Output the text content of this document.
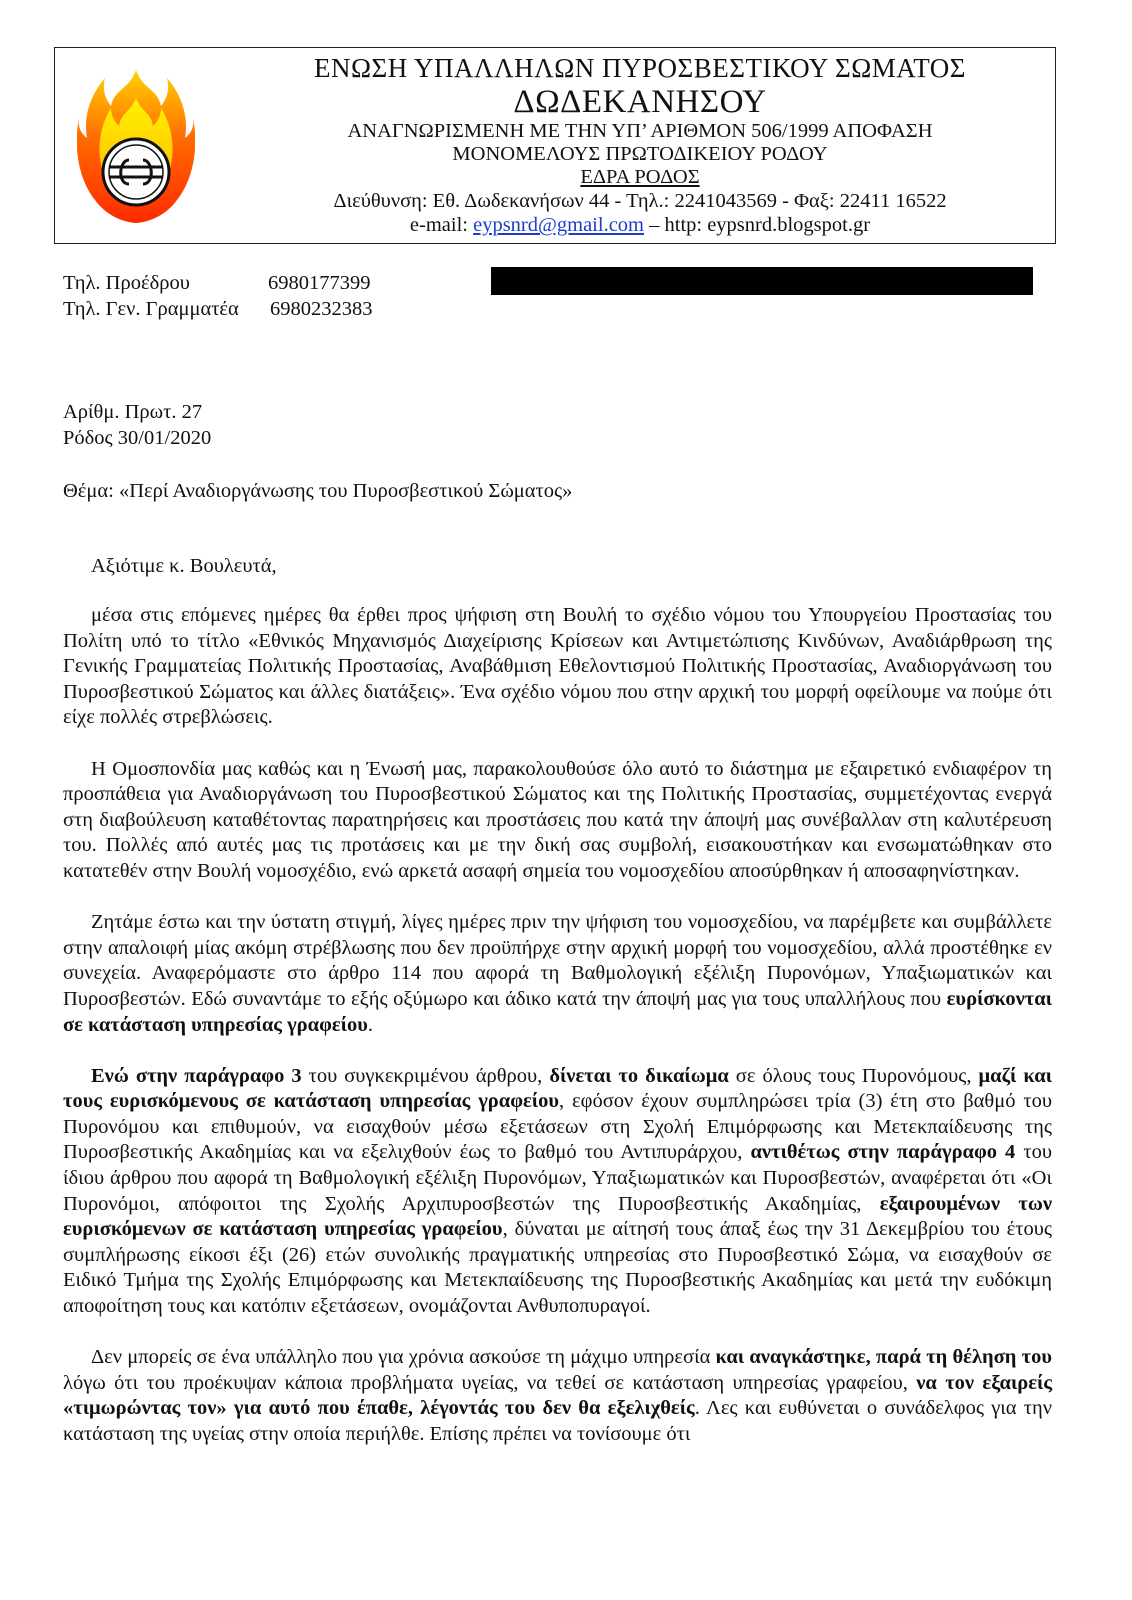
ΕΝΩΣΗ ΥΠΑΛΛΗΛΩΝ ΠΥΡΟΣΒΕΣΤΙΚΟΥ ΣΩΜΑΤΟΣ
ΔΩΔΕΚΑΝΗΣΟΥ
ΑΝΑΓΝΩΡΙΣΜΕΝΗ ΜΕ ΤΗΝ ΥΠ’ ΑΡΙΘΜΟΝ 506/1999 ΑΠΟΦΑΣΗ
ΜΟΝΟΜΕΛΟΥΣ ΠΡΩΤΟΔΙΚΕΙΟΥ ΡΟΔΟΥ
ΕΔΡΑ ΡΟΔΟΣ
Διεύθυνση: Εθ. Δωδεκανήσων 44 - Τηλ.: 2241043569 - Φαξ: 22411 16522
e-mail: eypsnrd@gmail.com – http: eypsnrd.blogspot.gr
Τηλ. Προέδρου	6980177399
Τηλ. Γεν. Γραμματέα 6980232383
Αρίθμ. Πρωτ. 27
Ρόδος 30/01/2020
Θέμα: «Περί Αναδιοργάνωσης του Πυροσβεστικού Σώματος»
Αξιότιμε κ. Βουλευτά,

μέσα στις επόμενες ημέρες θα έρθει προς ψήφιση στη Βουλή το σχέδιο νόμου του Υπουργείου Προστασίας του Πολίτη υπό το τίτλο «Εθνικός Μηχανισμός Διαχείρισης Κρίσεων και Αντιμετώπισης Κινδύνων, Αναδιάρθρωση της Γενικής Γραμματείας Πολιτικής Προστασίας, Αναβάθμιση Εθελοντισμού Πολιτικής Προστασίας, Αναδιοργάνωση του Πυροσβεστικού Σώματος και άλλες διατάξεις». Ένα σχέδιο νόμου που στην αρχική του μορφή οφείλουμε να πούμε ότι είχε πολλές στρεβλώσεις.

Η Ομοσπονδία μας καθώς και η Ένωσή μας, παρακολουθούσε όλο αυτό το διάστημα με εξαιρετικό ενδιαφέρον τη προσπάθεια για Αναδιοργάνωση του Πυροσβεστικού Σώματος και της Πολιτικής Προστασίας, συμμετέχοντας ενεργά στη διαβούλευση καταθέτοντας παρατηρήσεις και προστάσεις που κατά την άποψή μας συνέβαλλαν στη καλυτέρευση του. Πολλές από αυτές μας τις προτάσεις και με την δική σας συμβολή, εισακουστήκαν και ενσωματώθηκαν στο κατατεθέν στην Βουλή νομοσχέδιο, ενώ αρκετά ασαφή σημεία του νομοσχεδίου αποσύρθηκαν ή αποσαφηνίστηκαν.

Ζητάμε έστω και την ύστατη στιγμή, λίγες ημέρες πριν την ψήφιση του νομοσχεδίου, να παρέμβετε και συμβάλλετε στην απαλοιφή μίας ακόμη στρέβλωσης που δεν προϋπήρχε στην αρχική μορφή του νομοσχεδίου, αλλά προστέθηκε εν συνεχεία. Αναφερόμαστε στο άρθρο 114 που αφορά τη Βαθμολογική εξέλιξη Πυρονόμων, Υπαξιωματικών και Πυροσβεστών. Εδώ συναντάμε το εξής οξύμωρο και άδικο κατά την άποψή μας για τους υπαλλήλους που ευρίσκονται σε κατάσταση υπηρεσίας γραφείου.

Ενώ στην παράγραφο 3 του συγκεκριμένου άρθρου, δίνεται το δικαίωμα σε όλους τους Πυρονόμους, μαζί και τους ευρισκόμενους σε κατάσταση υπηρεσίας γραφείου, εφόσον έχουν συμπληρώσει τρία (3) έτη στο βαθμό του Πυρονόμου και επιθυμούν, να εισαχθούν μέσω εξετάσεων στη Σχολή Επιμόρφωσης και Μετεκπαίδευσης της Πυροσβεστικής Ακαδημίας και να εξελιχθούν έως το βαθμό του Αντιπυράρχου, αντιθέτως στην παράγραφο 4 του ίδιου άρθρου που αφορά τη Βαθμολογική εξέλιξη Πυρονόμων, Υπαξιωματικών και Πυροσβεστών, αναφέρεται ότι «Οι Πυρονόμοι, απόφοιτοι της Σχολής Αρχιπυροσβεστών της Πυροσβεστικής Ακαδημίας, εξαιρουμένων των ευρισκόμενων σε κατάσταση υπηρεσίας γραφείου, δύναται με αίτησή τους άπαξ έως την 31 Δεκεμβρίου του έτους συμπλήρωσης είκοσι έξι (26) ετών συνολικής πραγματικής υπηρεσίας στο Πυροσβεστικό Σώμα, να εισαχθούν σε Ειδικό Τμήμα της Σχολής Επιμόρφωσης και Μετεκπαίδευσης της Πυροσβεστικής Ακαδημίας και μετά την ευδόκιμη αποφοίτηση τους και κατόπιν εξετάσεων, ονομάζονται Ανθυποπυραγοί.

Δεν μπορείς σε ένα υπάλληλο που για χρόνια ασκούσε τη μάχιμο υπηρεσία και αναγκάστηκε, παρά τη θέληση του λόγω ότι του προέκυψαν κάποια προβλήματα υγείας, να τεθεί σε κατάσταση υπηρεσίας γραφείου, να τον εξαιρείς «τιμωρώντας τον» για αυτό που έπαθε, λέγοντάς του δεν θα εξελιχθείς. Λες και ευθύνεται ο συνάδελφος για την κατάσταση της υγείας στην οποία περιήλθε. Επίσης πρέπει να τονίσουμε ότι
